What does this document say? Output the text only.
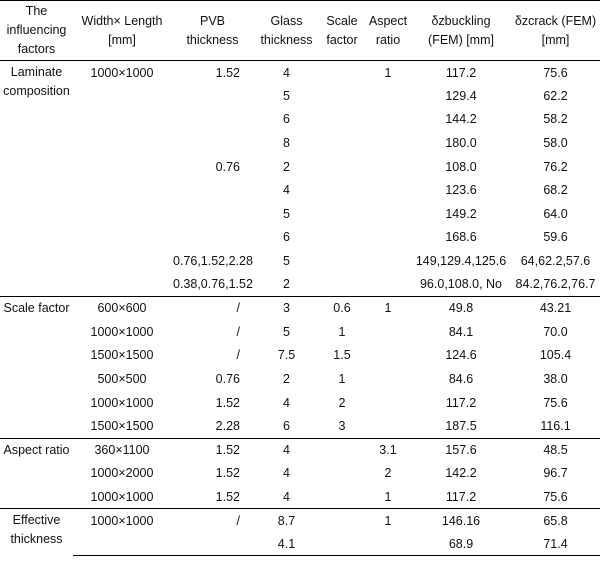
The influencing factors	Width× Length [mm]	PVB thickness	Glass thickness	Scale factor	Aspect ratio	δzbuckling (FEM) [mm]	δzcrack (FEM) [mm]
Laminate composition	1000×1000	1.52	4		1	117.2	75.6
			5			129.4	62.2
			6			144.2	58.2
			8			180.0	58.0
		0.76	2			108.0	76.2
			4			123.6	68.2
			5			149.2	64.0
			6			168.6	59.6
		0.76,1.52,2.28	5			149,129.4,125.6	64,62.2,57.6
		0.38,0.76,1.52	2			96.0,108.0, No	84.2,76.2,76.7
Scale factor	600×600	/	3	0.6	1	49.8	43.21
	1000×1000	/	5	1		84.1	70.0
	1500×1500	/	7.5	1.5		124.6	105.4
	500×500	0.76	2	1		84.6	38.0
	1000×1000	1.52	4	2		117.2	75.6
	1500×1500	2.28	6	3		187.5	116.1
Aspect ratio	360×1100	1.52	4		3.1	157.6	48.5
	1000×2000	1.52	4		2	142.2	96.7
	1000×1000	1.52	4		1	117.2	75.6
Effective thickness	1000×1000	/	8.7		1	146.16	65.8
			4.1			68.9	71.4
